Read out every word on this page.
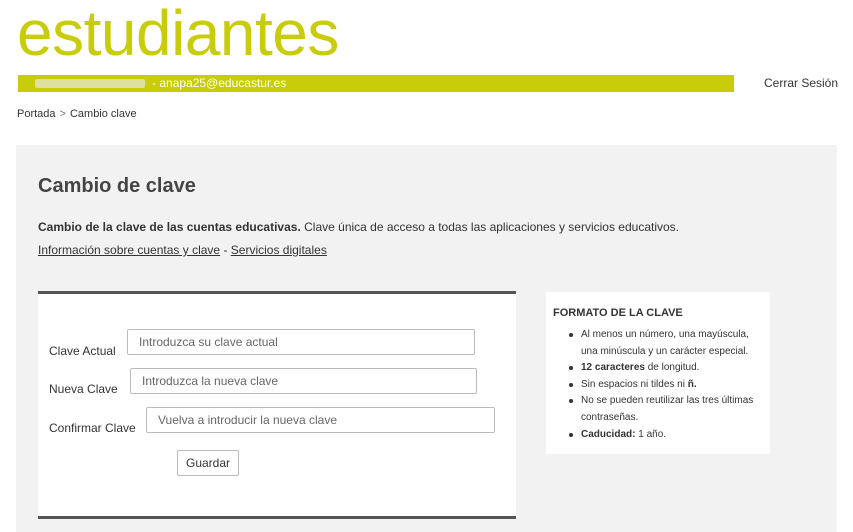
estudiantes
- anapa25@educastur.es	Cerrar Sesión
Portada > Cambio clave
Cambio de clave
Cambio de la clave de las cuentas educativas. Clave única de acceso a todas las aplicaciones y servicios educativos.
Información sobre cuentas y clave - Servicios digitales
Clave Actual
Nueva Clave
Confirmar Clave
Guardar
FORMATO DE LA CLAVE
Al menos un número, una mayúscula, una minúscula y un carácter especial.
12 caracteres de longitud.
Sin espacios ni tildes ni ñ.
No se pueden reutilizar las tres últimas contraseñas.
Caducidad: 1 año.
